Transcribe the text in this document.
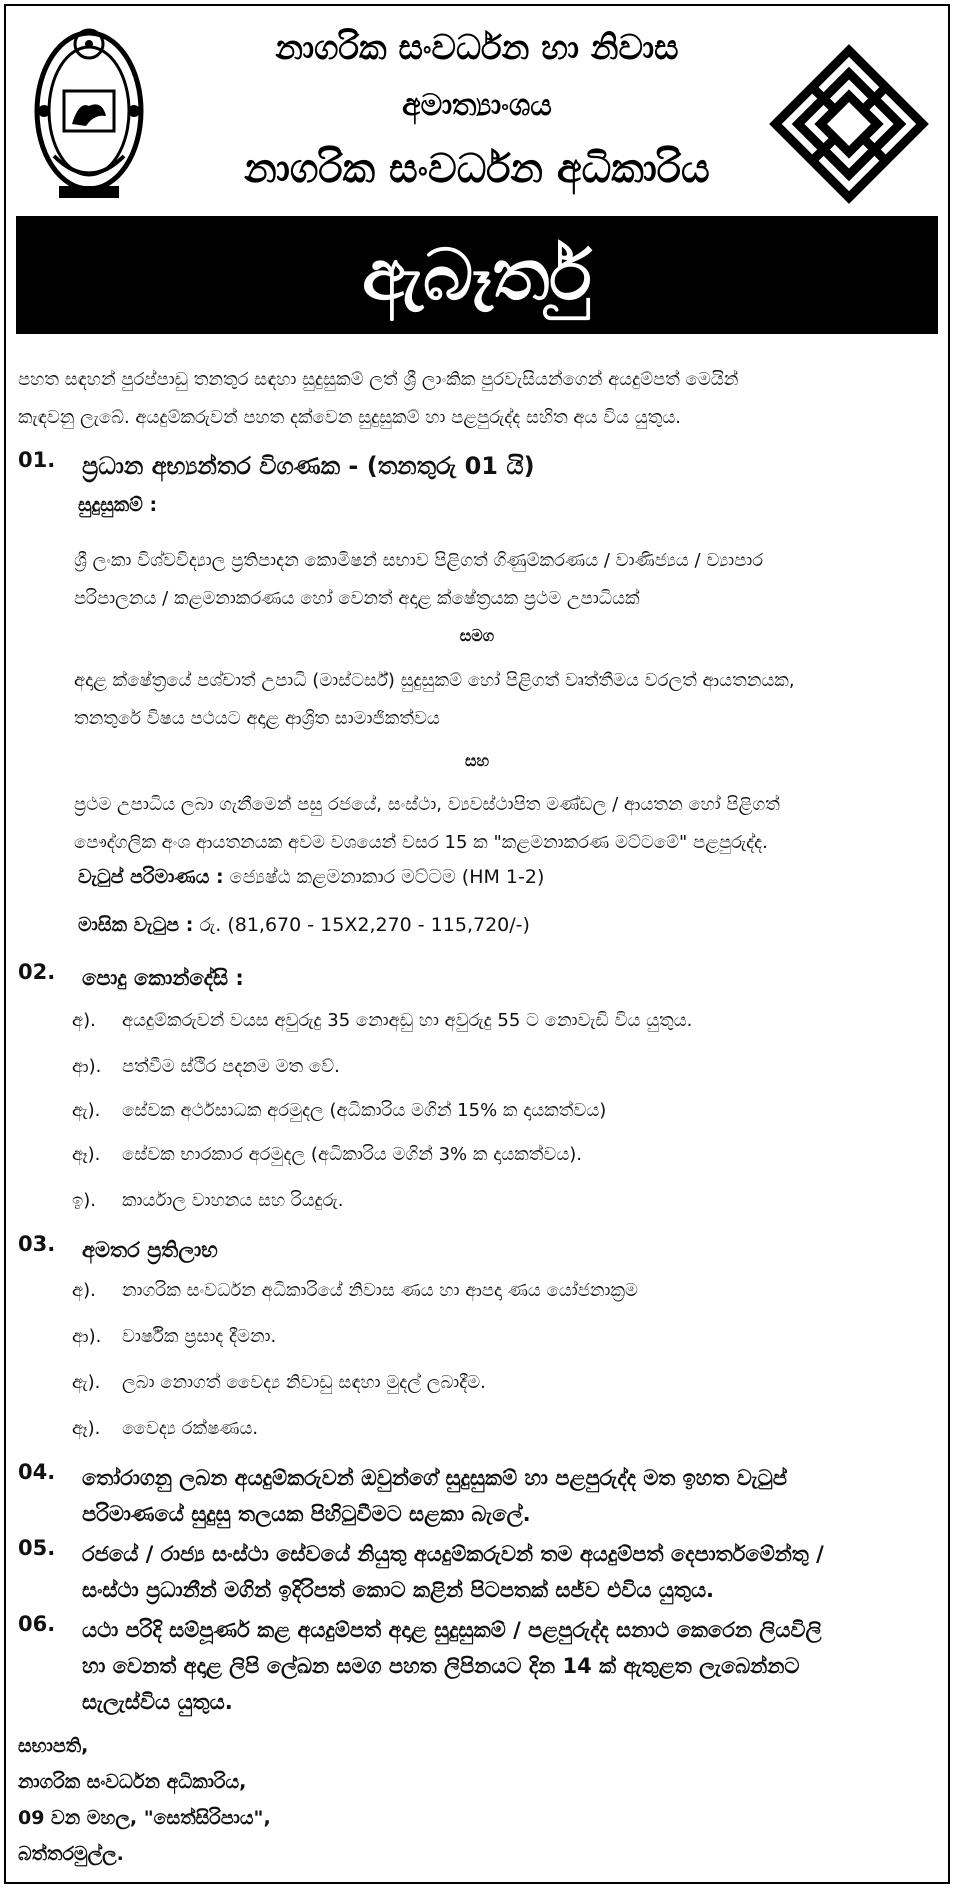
නාගරික සංවර්ධන හා නිවාස
අමාත්‍යාංශය
නාගරික සංවර්ධන අධිකාරිය
ඇබෑර්තු
පහත සඳහන් පුරප්පාඩු තනතුර සඳහා සුදුසුකම් ලත් ශ්‍රී ලාංකික පුරවැසියන්ගෙන් අයදුම්පත් මෙයින්
කැඳවනු ලැබේ. අයදුම්කරුවන් පහත දක්වෙන සුදුසුකම් හා පළපුරුද්ද සහිත අය විය යුතුය.
01.	ප්‍රධාන අභ්‍යන්තර විගණක - (තනතුරු 01 යි)
සුදුසුකම් :
ශ්‍රී ලංකා විශ්වවිද්‍යාල ප්‍රතිපාදන කොමිෂන් සභාව පිළිගත් ගිණුම්කරණය / වාණිජ්‍යය / ව්‍යාපාර
පරිපාලනය / කළමනාකරණය හෝ වෙනත් අදාළ ක්ෂේත්‍රයක ප්‍රථම උපාධියක්
සමග
අදාළ ක්ෂේත්‍රයේ පශ්චාත් උපාධි (මාස්ටර්ස්) සුදුසුකම් හෝ පිළිගත් වෘත්තීමය වරලත් ආයතනයක,
තනතුරේ විෂය පථයට අදාළ ආශ්‍රිත සාමාජිකත්වය
සහ
ප්‍රථම උපාධිය ලබා ගැනීමෙන් පසු රජයේ, සංස්ථා, ව්‍යවස්ථාපිත මණ්ඩල / ආයතන හෝ පිළිගත්
පෞද්ගලික අංශ ආයතනයක අවම වශයෙන් වසර 15 ක "කළමනාකරණ මට්ටමේ" පළපුරුද්ද.
වැටුප් පරිමාණය : ජ්‍යෙෂ්ඨ කළමනාකාර මට්ටම (HM 1-2)
මාසික වැටුප : රු. (81,670 - 15X2,270 - 115,720/-)
02.	පොදු කොන්දේසි :
අ).	අයදුම්කරුවන් වයස අවුරුදු 35 නොඅඩු හා අවුරුදු 55 ට නොවැඩි විය යුතුය.
ආ).	පත්වීම ස්ථිර පදනම මත වේ.
ඇ).	සේවක අර්ථසාධක අරමුදල (අධිකාරිය මගින් 15% ක දායකත්වය)
ඈ).	සේවක භාරකාර අරමුදල (අධිකාරිය මගින් 3% ක දායකත්වය).
ඉ).	කාර්යාල වාහනය සහ රියදුරු.
03.	අමතර ප්‍රතිලාභ
අ).	නාගරික සංවර්ධන අධිකාරියේ නිවාස ණය හා ආපදා ණය යෝජනාක්‍රම
ආ).	වාර්ෂික ප්‍රසාද දීමනා.
ඇ).	ලබා නොගත් වෛද්‍ය නිවාඩු සඳහා මුදල් ලබාදීම.
ඈ).	වෛද්‍ය රක්ෂණය.
04.	තෝරාගනු ලබන අයදුම්කරුවන් ඔවුන්ගේ සුදුසුකම් හා පළපුරුද්ද මත ඉහත වැටුප්
පරිමාණයේ සුදුසු තලයක පිහිටුවීමට සළකා බැලේ.
05.	රජයේ / රාජ්‍ය සංස්ථා සේවයේ නියුතු අයදුම්කරුවන් තම අයදුම්පත් දෙපාර්තමේන්තු /
සංස්ථා ප්‍රධානීන් මගින් ඉදිරිපත් කොට කළින් පිටපතක් සජ්ව එවිය යුතුය.
06.	යථා පරිදි සම්පූර්ණ කළ අයදුම්පත් අදාළ සුදුසුකම් / පළපුරුද්ද සනාථ කෙරෙන ලියවිලි
හා වෙනත් අදාළ ලිපි ලේඛන සමග පහත ලිපිනයට දින 14 ක් ඇතුළත ලැබෙන්නට
සැලැස්විය යුතුය.
සභාපති,
නාගරික සංවර්ධන අධිකාරිය,
09 වන මහල, "සෙත්සිරිපාය",
බත්තරමුල්ල.
